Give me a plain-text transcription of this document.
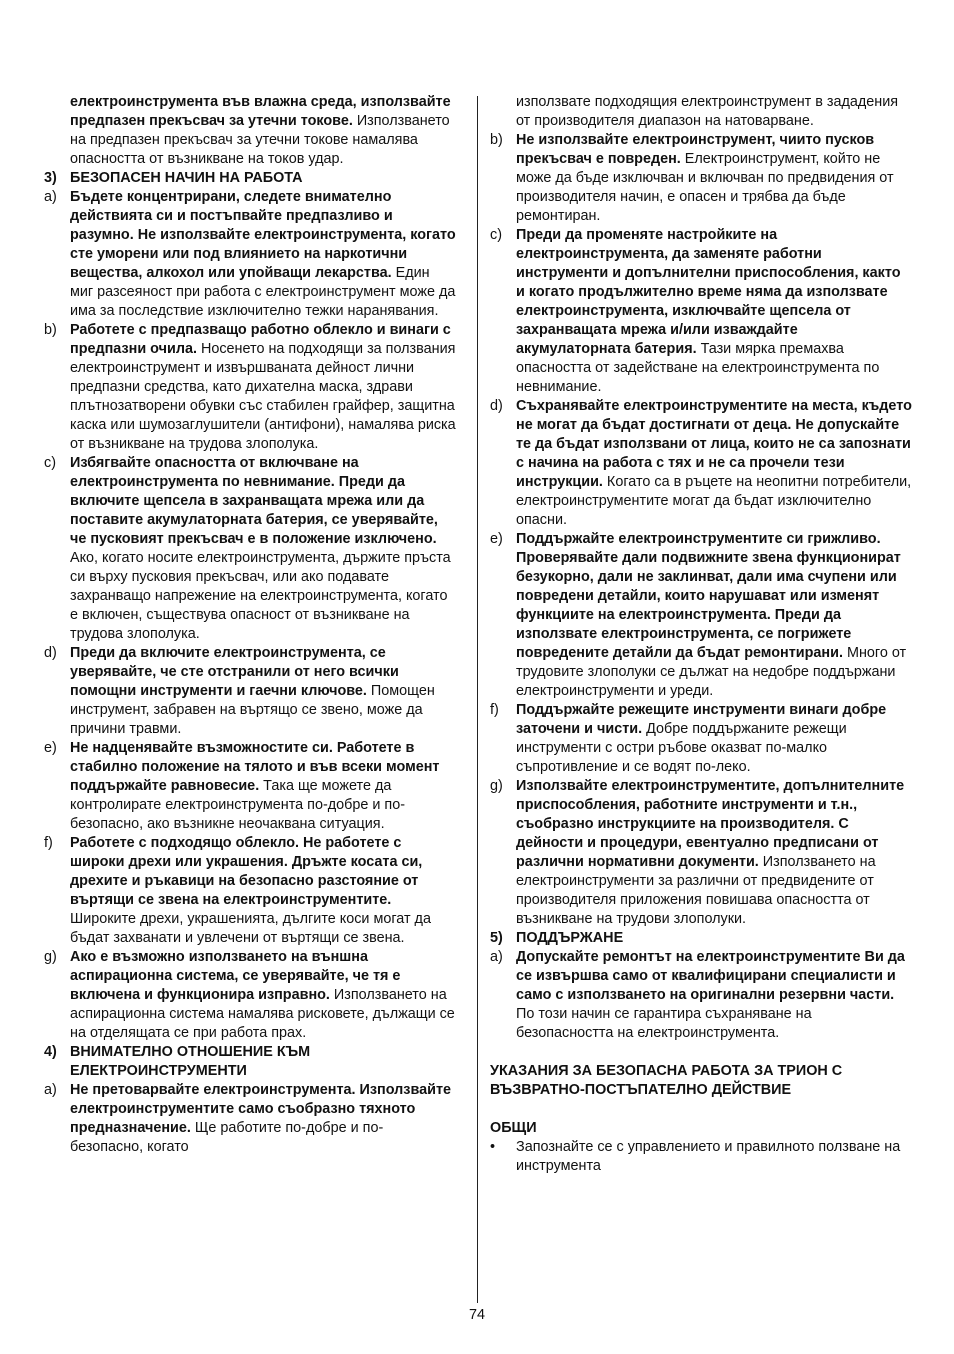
електроинструмента във влажна среда, използвайте предпазен прекъсвач за утечни токове. Използването на предпазен прекъсвач за утечни токове намалява опасността от възникване на токов удар.
3) БЕЗОПАСЕН НАЧИН НА РАБОТА
a) Бъдете концентрирани, следете внимателно действията си и постъпвайте предпазливо и разумно. Не използвайте електроинструмента, когато сте уморени или под влиянието на наркотични вещества, алкохол или упойващи лекарства. Един миг разсеяност при работа с електроинструмент може да има за последствие изключително тежки наранявания.
b) Работете с предпазващо работно облекло и винаги с предпазни очила. Носенето на подходящи за ползвания електроинструмент и извършваната дейност лични предпазни средства, като дихателна маска, здрави плътнозатворени обувки със стабилен грайфер, защитна каска или шумозаглушители (антифони), намалява риска от възникване на трудова злополука.
c) Избягвайте опасността от включване на електроинструмента по невнимание. Преди да включите щепсела в захранващата мрежа или да поставите акумулаторната батерия, се уверявайте, че пусковият прекъсвач е в положение изключено. Ако, когато носите електроинструмента, държите пръста си върху пусковия прекъсвач, или ако подавате захранващо напрежение на електроинструмента, когато е включен, съществува опасност от възникване на трудова злополука.
d) Преди да включите електроинструмента, се уверявайте, че сте отстранили от него всички помощни инструменти и гаечни ключове. Помощен инструмент, забравен на въртящо се звено, може да причини травми.
e) Не надценявайте възможностите си. Работете в стабилно положение на тялото и във всеки момент поддържайте равновесие. Така ще можете да контролирате електроинструмента по-добре и по-безопасно, ако възникне неочаквана ситуация.
f) Работете с подходящо облекло. Не работете с широки дрехи или украшения. Дръжте косата си, дрехите и ръкавици на безопасно разстояние от въртящи се звена на електроинструментите. Широките дрехи, украшенията, дългите коси могат да бъдат захванати и увлечени от въртящи се звена.
g) Ако е възможно използването на външна аспирационна система, се уверявайте, че тя е включена и функционира изправно. Използването на аспирационна система намалява рисковете, дължащи се на отделящата се при работа прах.
4) ВНИМАТЕЛНО ОТНОШЕНИЕ КЪМ ЕЛЕКТРОИНСТРУМЕНТИ
a) Не претоварвайте електроинструмента. Използвайте електроинструментите само съобразно тяхното предназначение. Ще работите по-добре и по-безопасно, когато
използвате подходящия електроинструмент в зададения от производителя диапазон на натоварване.
b) Не използвайте електроинструмент, чиито пусков прекъсвач е повреден. Електроинструмент, който не може да бъде изключван и включван по предвидения от производителя начин, е опасен и трябва да бъде ремонтиран.
c) Преди да променяте настройките на електроинструмента, да заменяте работни инструменти и допълнителни приспособления, както и когато продължително време няма да използвате електроинструмента, изключвайте щепсела от захранващата мрежа и/или изваждайте акумулаторната батерия. Тази мярка премахва опасността от задействане на електроинструмента по невнимание.
d) Съхранявайте електроинструментите на места, където не могат да бъдат достигнати от деца. Не допускайте те да бъдат използвани от лица, които не са запознати с начина на работа с тях и не са прочели тези инструкции. Когато са в ръцете на неопитни потребители, електроинструментите могат да бъдат изключително опасни.
e) Поддържайте електроинструментите си грижливо. Проверявайте дали подвижните звена функционират безукорно, дали не заклинват, дали има счупени или повредени детайли, които нарушават или изменят функциите на електроинструмента. Преди да използвате електроинструмента, се погрижете повредените детайли да бъдат ремонтирани. Много от трудовите злополуки се дължат на недобре поддържани електроинструменти и уреди.
f) Поддържайте режещите инструменти винаги добре заточени и чисти. Добре поддържаните режещи инструменти с остри ръбове оказват по-малко съпротивление и се водят по-леко.
g) Използвайте електроинструментите, допълнителните приспособления, работните инструменти и т.н., съобразно инструкциите на производителя. С дейности и процедури, евентуално предписани от различни нормативни документи. Използването на електроинструменти за различни от предвидените от производителя приложения повишава опасността от възникване на трудови злополуки.
5) ПОДДЪРЖАНЕ
a) Допускайте ремонтът на електроинструментите Ви да се извършва само от квалифицирани специалисти и само с използването на оригинални резервни части. По този начин се гарантира съхраняване на безопасността на електроинструмента.
УКАЗАНИЯ ЗА БЕЗОПАСНА РАБОТА ЗА ТРИОН С ВЪЗВРАТНО-ПОСТЪПАТЕЛНО ДЕЙСТВИЕ
ОБЩИ
• Запознайте се с управлението и правилното ползване на инструмента
74
